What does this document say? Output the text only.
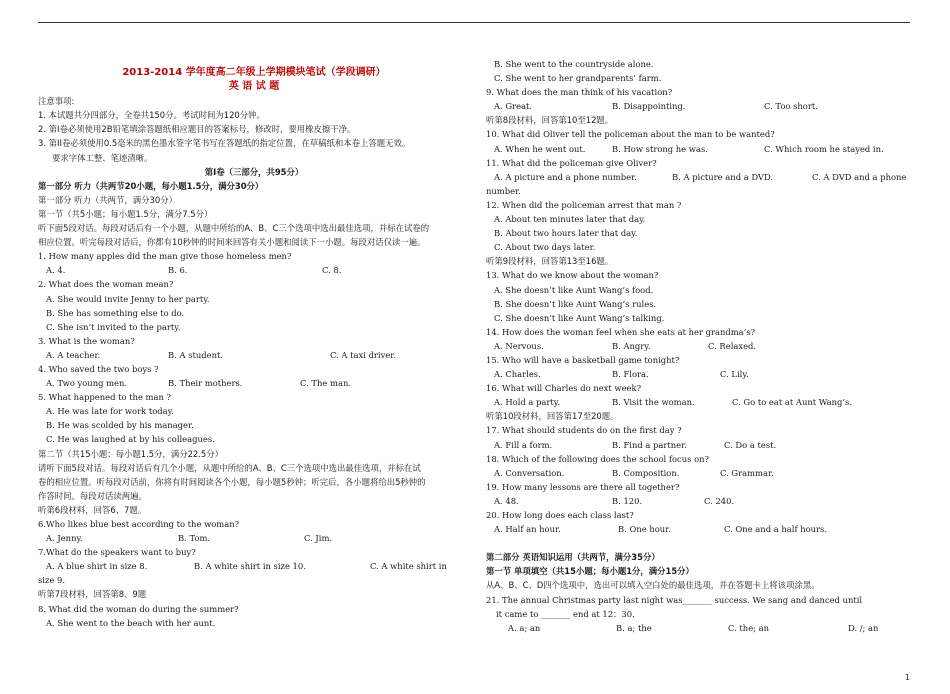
2013-2014 学年度高二年级上学期模块笔试（学段调研）
英 语 试 题
注意事项:
1. 本试题共分四部分，全卷共150分。考试时间为120分钟。
2. 第Ⅰ卷必须使用2B铅笔填涂答题纸相应题目的答案标号，修改时，要用橡皮擦干净。
3. 第II卷必须使用0.5毫米的黑色墨水签字笔书写在答题纸的指定位置，在草稿纸和本卷上答题无效。
要求字体工整、笔迹清晰。
第Ⅰ卷（三部分，共95分）
第一部分 听力（共两节20小题，每小题1.5分，满分30分）
第一部分 听力（共两节，满分30分）
第一节（共5小题；每小题1.5分，满分7.5分）
听下面5段对话。每段对话后有一个小题，从题中所给的A、B、C三个选项中选出最佳选项，并标在试卷的
相应位置。听完每段对话后，你都有10秒钟的时间来回答有关小题和阅读下一小题。每段对话仅读一遍。
1. How many apples did the man give those homeless men?
A. 4.	B. 6.	C. 8.
2. What does the woman mean?
A. She would invite Jenny to her party.
B. She has something else to do.
C. She isn’t invited to the party.
3. What is the woman?
A. A teacher.	B. A student.	C. A taxi driver.
4. Who saved the two boys ?
A. Two young men.	B. Their mothers.	C. The man.
5. What happened to the man ?
A. He was late for work today.
B. He was scolded by his manager.
C. He was laughed at by his colleagues.
第二节（共15小题；每小题1.5分，满分22.5分）
请听下面5段对话。每段对话后有几个小题，从题中所给的A、B、C三个选项中选出最佳选项，并标在试
卷的相应位置。听每段对话前，你将有时间阅读各个小题，每小题5秒钟；听完后，各小题将给出5秒钟的
作答时间。每段对话读两遍。
听第6段材料，回答6、7题。
6.Who likes blue best according to the woman?
A. Jenny.	B. Tom.	C. Jim.
7.What do the speakers want to buy?
A. A blue shirt in size 8.	B. A white shirt in size 10.	C. A white shirt in
size 9.
听第7段材料，回答第8、9题
8. What did the woman do during the summer?
A. She went to the beach with her aunt.
B. She went to the countryside alone.
C. She went to her grandparents’ farm.
9. What does the man think of his vacation?
A. Great.	B. Disappointing.	C. Too short.
听第8段材料，回答第10至12题。
10. What did Oliver tell the policeman about the man to be wanted?
A. When he went out.	B. How strong he was.	C. Which room he stayed in.
11. What did the policeman give Oliver?
A. A picture and a phone number.	B. A picture and a DVD.	C. A DVD and a phone
number.
12. When did the policeman arrest that man ?
A. About ten minutes later that day.
B. About two hours later that day.
C. About two days later.
听第9段材料，回答第13至16题。
13. What do we know about the woman?
A. She doesn’t like Aunt Wang’s food.
B. She doesn’t like Aunt Wang’s rules.
C. She doesn’t like Aunt Wang’s talking.
14. How does the woman feel when she eats at her grandma’s?
A. Nervous.	B. Angry.	C. Relaxed.
15. Who will have a basketball game tonight?
A. Charles.	B. Flora.	C. Lily.
16. What will Charles do next week?
A. Hold a party.	B. Visit the woman.	C. Go to eat at Aunt Wang’s.
听第10段材料，回答第17至20题。
17. What should students do on the first day ?
A. Fill a form.	B. Find a partner.	C. Do a test.
18. Which of the following does the school focus on?
A. Conversation.	B. Composition.	C. Grammar.
19. How many lessons are there all together?
A. 48.	B. 120.	C. 240.
20. How long does each class last?
A. Half an hour.	B. One hour.	C. One and a half hours.
第二部分 英语知识运用（共两节，满分35分）
第一节 单项填空（共15小题；每小题1分，满分15分）
从A、B、C、D四个选项中，选出可以填入空白处的最佳选项，并在答题卡上将该项涂黑。
21. The annual Christmas party last night was_______ success. We sang and danced until
it came to _______ end at 12：30.
A. a; an	B. a; the	C. the; an	D. /; an
1
